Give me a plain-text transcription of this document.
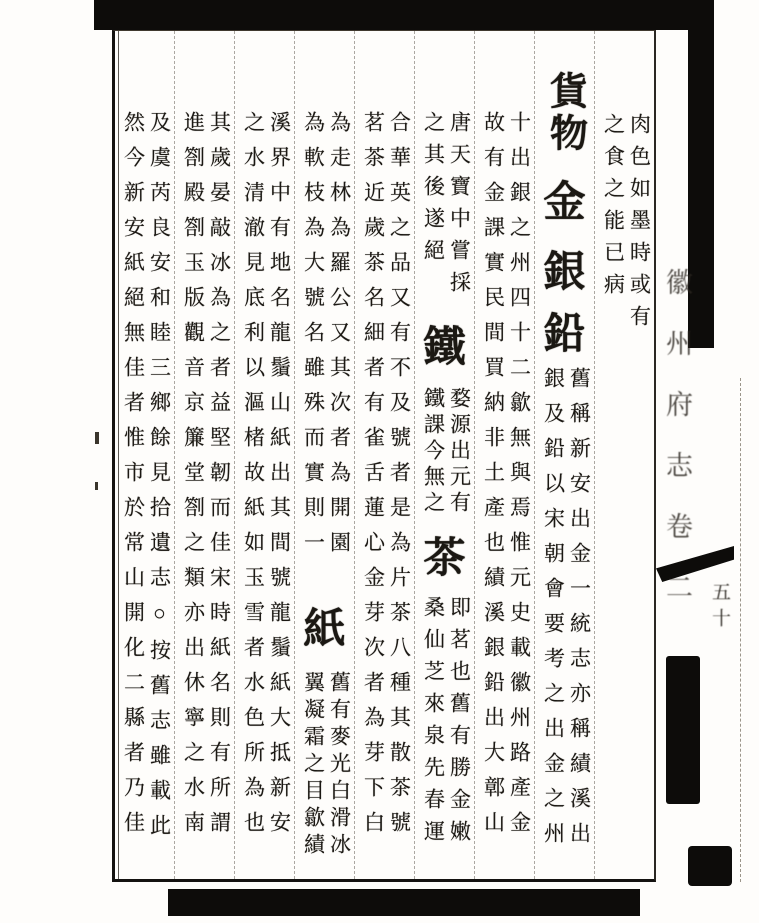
徽州府志卷二 五十
肉色如墨時或有
之食之能已病
貨物
金
銀
鉛
舊稱新安出金一統志亦稱績溪出
銀及鉛以宋朝會要考之出金之州
十出銀之州四十二歙無與焉惟元史載徽州路產金
故有金課實民間買納非土產也績溪銀鉛出大鄣山
唐天寶中嘗採
之其後遂絕
鐵
婺源出元有
鐵課今無之
茶
即茗也舊有勝金嫩
桑仙芝來泉先春運
合華英之品又有不及號者是為片茶八種其散茶號
茗茶近歲茶名細者有雀舌蓮心金芽次者為芽下白
為走林為羅公又其次者為開園
為軟枝為大號名雖殊而實則一
紙
舊有麥光白滑冰
翼凝霜之目歙績
溪界中有地名龍鬚山紙出其間號龍鬚紙大抵新安
之水清澈見底利以漚楮故紙如玉雪者水色所為也
其歲晏敲冰為之者益堅韌而佳宋時紙名則有所謂
進劄殿劄玉版觀音京簾堂劄之類亦出休寧之水南
及虞芮良安和睦三鄉餘見拾遺志○按舊志雖載此
然今新安紙絕無佳者惟市於常山開化二縣者乃佳
